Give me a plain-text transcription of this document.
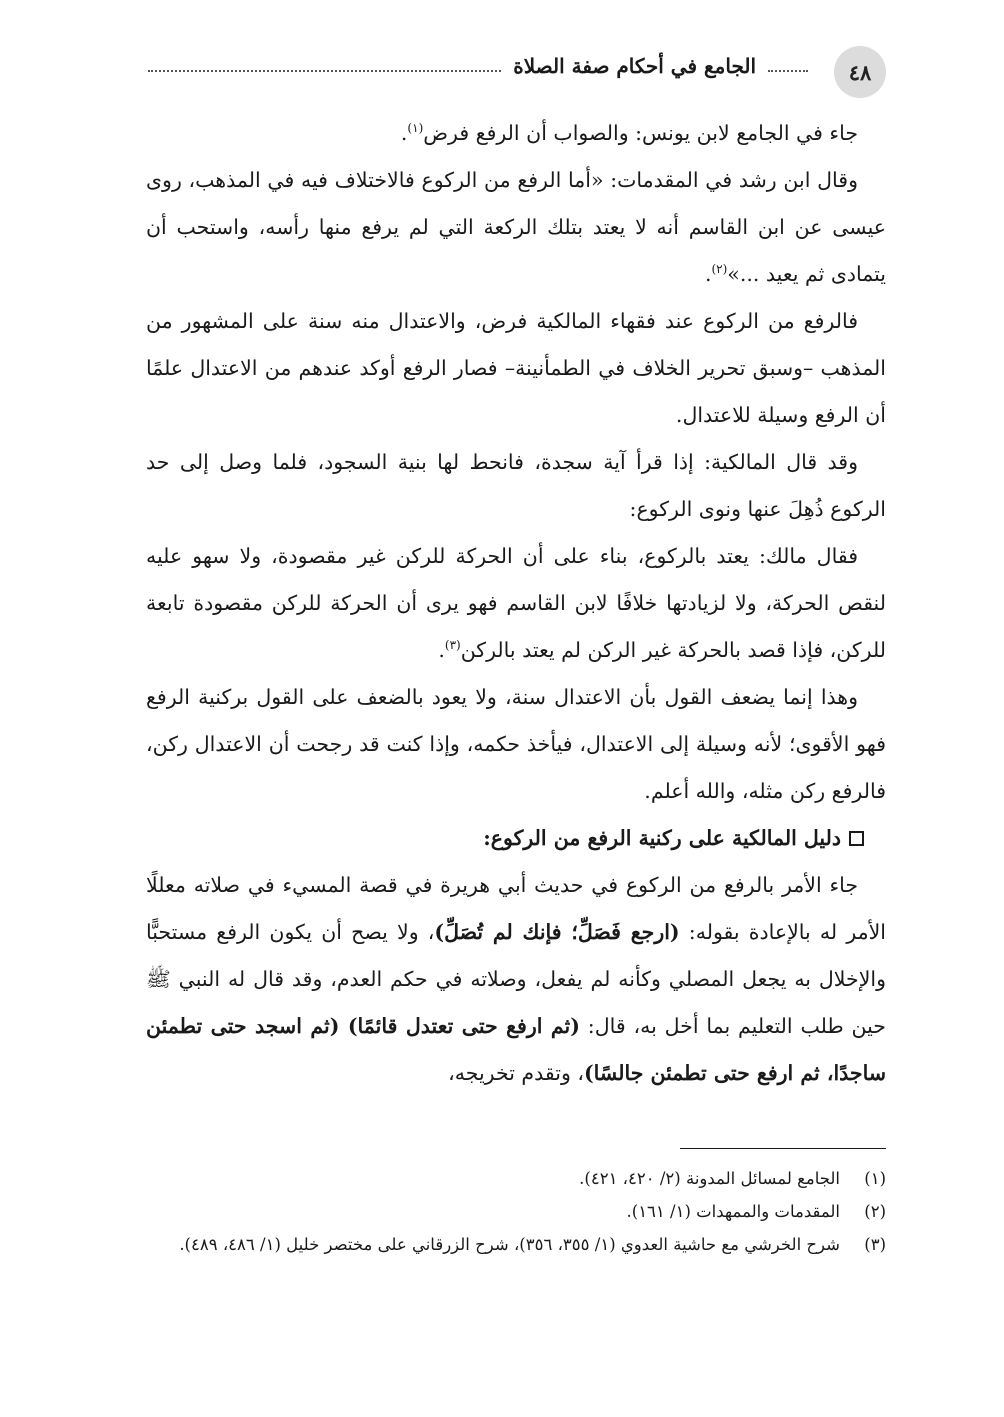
٤٨
الجامع في أحكام صفة الصلاة

جاء في الجامع لابن يونس: والصواب أن الرفع فرض$^{(١)}$.

وقال ابن رشد في المقدمات: «أما الرفع من الركوع فالاختلاف فيه في المذهب، روى عيسى عن ابن القاسم أنه لا يعتد بتلك الركعة التي لم يرفع منها رأسه، واستحب أن يتمادى ثم يعيد ...»$^{(٢)}$.

فالرفع من الركوع عند فقهاء المالكية فرض، والاعتدال منه سنة على المشهور من المذهب –وسبق تحرير الخلاف في الطمأنينة– فصار الرفع أوكد عندهم من الاعتدال علمًا أن الرفع وسيلة للاعتدال.

وقد قال المالكية: إذا قرأ آية سجدة، فانحط لها بنية السجود، فلما وصل إلى حد الركوع ذُهِلَ عنها ونوى الركوع:

فقال مالك: يعتد بالركوع، بناء على أن الحركة للركن غير مقصودة، ولا سهو عليه لنقص الحركة، ولا لزيادتها خلافًا لابن القاسم فهو يرى أن الحركة للركن مقصودة تابعة للركن، فإذا قصد بالحركة غير الركن لم يعتد بالركن$^{(٣)}$.

وهذا إنما يضعف القول بأن الاعتدال سنة، ولا يعود بالضعف على القول بركنية الرفع فهو الأقوى؛ لأنه وسيلة إلى الاعتدال، فيأخذ حكمه، وإذا كنت قد رجحت أن الاعتدال ركن، فالرفع ركن مثله، والله أعلم.

دليل المالكية على ركنية الرفع من الركوع:

جاء الأمر بالرفع من الركوع في حديث أبي هريرة في قصة المسيء في صلاته معللًا الأمر له بالإعادة بقوله: (ارجع فَصَلِّ؛ فإنك لم تُصَلِّ)، ولا يصح أن يكون الرفع مستحبًّا والإخلال به يجعل المصلي وكأنه لم يفعل، وصلاته في حكم العدم، وقد قال له النبي ﷺ حين طلب التعليم بما أخل به، قال: (ثم ارفع حتى تعتدل قائمًا) (ثم اسجد حتى تطمئن ساجدًا، ثم ارفع حتى تطمئن جالسًا)، وتقدم تخريجه،

(١)
الجامع لمسائل المدونة (٢/ ٤٢٠، ٤٢١).

(٢)
المقدمات والممهدات (١/ ١٦١).

(٣)
شرح الخرشي مع حاشية العدوي (١/ ٣٥٥، ٣٥٦)، شرح الزرقاني على مختصر خليل (١/ ٤٨٦، ٤٨٩).
